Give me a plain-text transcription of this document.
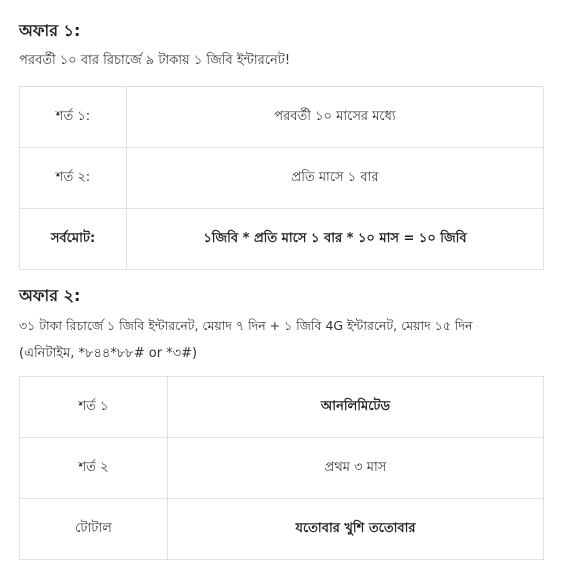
অফার ১:

পরবর্তী ১০ বার রিচার্জে ৯ টাকায় ১ জিবি ইন্টারনেট!

শর্ত ১:	পরবর্তী ১০ মাসের মধ্যে
শর্ত ২:	প্রতি মাসে ১ বার
সর্বমোট:	১জিবি * প্রতি মাসে ১ বার * ১০ মাস = ১০ জিবি
অফার ২:

৩১ টাকা রিচার্জে ১ জিবি ইন্টারনেট, মেয়াদ ৭ দিন + ১ জিবি 4G ইন্টারনেট, মেয়াদ ১৫ দিন

(এনিটাইম, *৮৪৪*৮৮# or *৩#)

শর্ত ১	আনলিমিটেড
শর্ত ২	প্রথম ৩ মাস
টোটাল	যতোবার খুশি ততোবার
